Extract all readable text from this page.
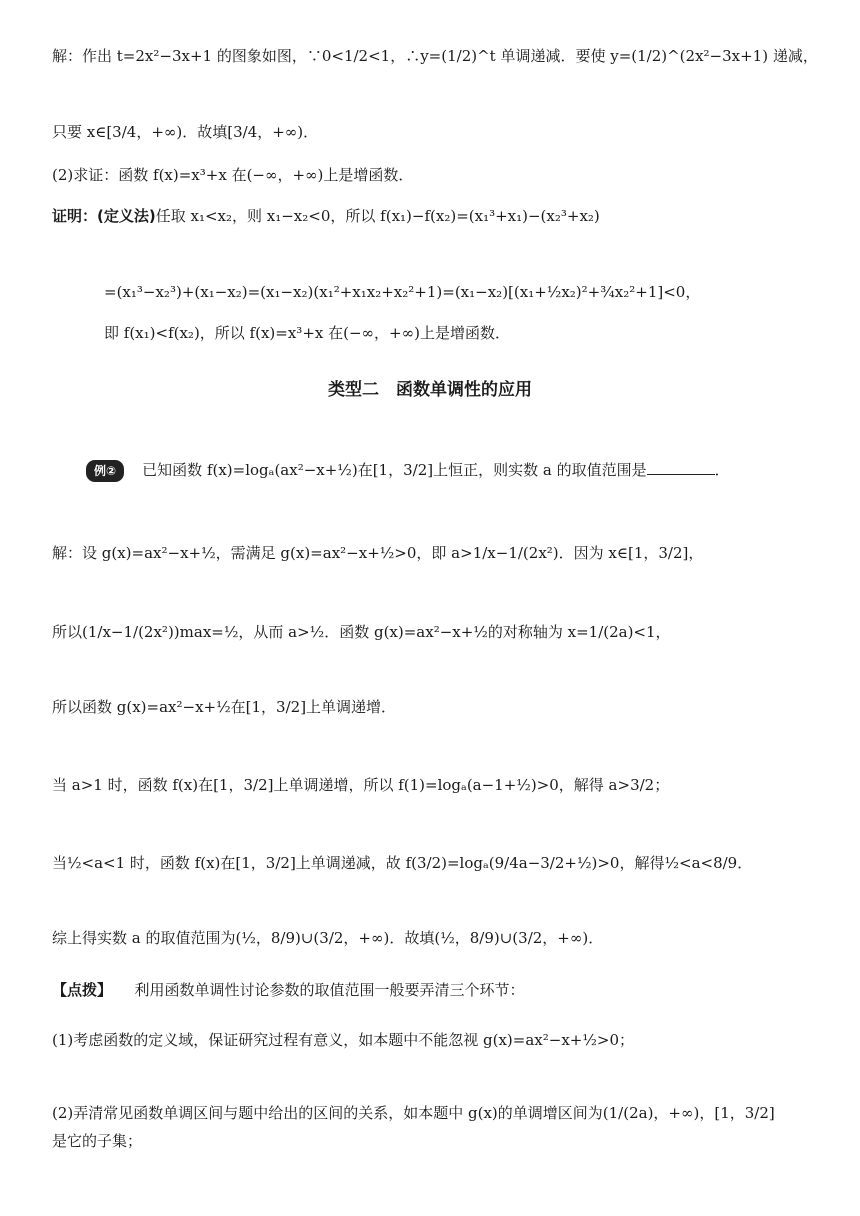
解：作出 t=2x²−3x+1 的图象如图，∵0<1/2<1，∴y=(1/2)^t 单调递减．要使 y=(1/2)^(2x²−3x+1) 递减，
只要 x∈[3/4，+∞)．故填[3/4，+∞)．
(2)求证：函数 f(x)=x³+x 在(−∞，+∞)上是增函数．
证明：(定义法)任取 x₁<x₂，则 x₁−x₂<0，所以 f(x₁)−f(x₂)=(x₁³+x₁)−(x₂³+x₂)
=(x₁³−x₂³)+(x₁−x₂)=(x₁−x₂)(x₁²+x₁x₂+x₂²+1)=(x₁−x₂)[(x₁+½x₂)²+¾x₂²+1]<0，
即 f(x₁)<f(x₂)，所以 f(x)=x³+x 在(−∞，+∞)上是增函数．
类型二　函数单调性的应用
例② 已知函数 f(x)=logₐ(ax²−x+½)在[1，3/2]上恒正，则实数 a 的取值范围是	．
解：设 g(x)=ax²−x+½，需满足 g(x)=ax²−x+½>0，即 a>1/x−1/(2x²)．因为 x∈[1，3/2]，
所以(1/x−1/(2x²))max=½，从而 a>½．函数 g(x)=ax²−x+½的对称轴为 x=1/(2a)<1，
所以函数 g(x)=ax²−x+½在[1，3/2]上单调递增．
当 a>1 时，函数 f(x)在[1，3/2]上单调递增，所以 f(1)=logₐ(a−1+½)>0，解得 a>3/2；
当½<a<1 时，函数 f(x)在[1，3/2]上单调递减，故 f(3/2)=logₐ(9/4a−3/2+½)>0，解得½<a<8/9．
综上得实数 a 的取值范围为(½，8/9)∪(3/2，+∞)．故填(½，8/9)∪(3/2，+∞)．
【点拨】　　 利用函数单调性讨论参数的取值范围一般要弄清三个环节：
(1)考虑函数的定义域，保证研究过程有意义，如本题中不能忽视 g(x)=ax²−x+½>0；
(2)弄清常见函数单调区间与题中给出的区间的关系，如本题中 g(x)的单调增区间为(1/(2a)，+∞)，[1，3/2]
是它的子集；
